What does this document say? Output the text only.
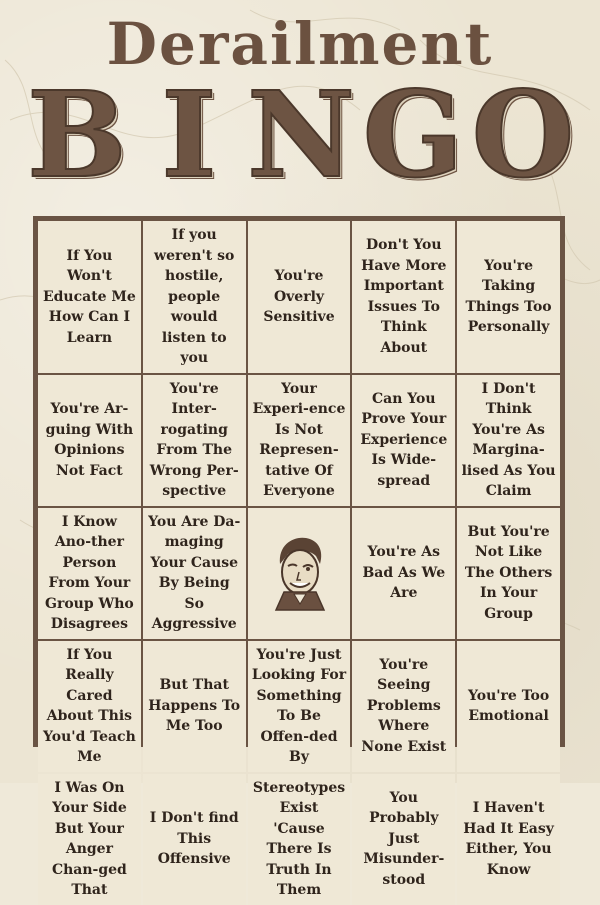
Derailment
B I N G O
If You Won't Educate Me How Can I Learn
If you weren't so hostile, people would listen to you
You're Overly Sensitive
Don't You Have More Important Issues To Think About
You're Taking Things Too Personally
You're Ar-guing With Opinions Not Fact
You're Inter-rogating From The Wrong Per-spective
Your Experi-ence Is Not Represen-tative Of Everyone
Can You Prove Your Experience Is Wide-spread
I Don't Think You're As Margina-lised As You Claim
I Know Ano-ther Person From Your Group Who Disagrees
You Are Da-maging Your Cause By Being So Aggressive
You're As Bad As We Are
But You're Not Like The Others In Your Group
If You Really Cared About This You'd Teach Me
But That Happens To Me Too
You're Just Looking For Something To Be Offen-ded By
You're Seeing Problems Where None Exist
You're Too Emotional
I Was On Your Side But Your Anger Chan-ged That
I Don't find This Offensive
Stereotypes Exist 'Cause There Is Truth In Them
You Probably Just Misunder-stood
I Haven't Had It Easy Either, You Know
